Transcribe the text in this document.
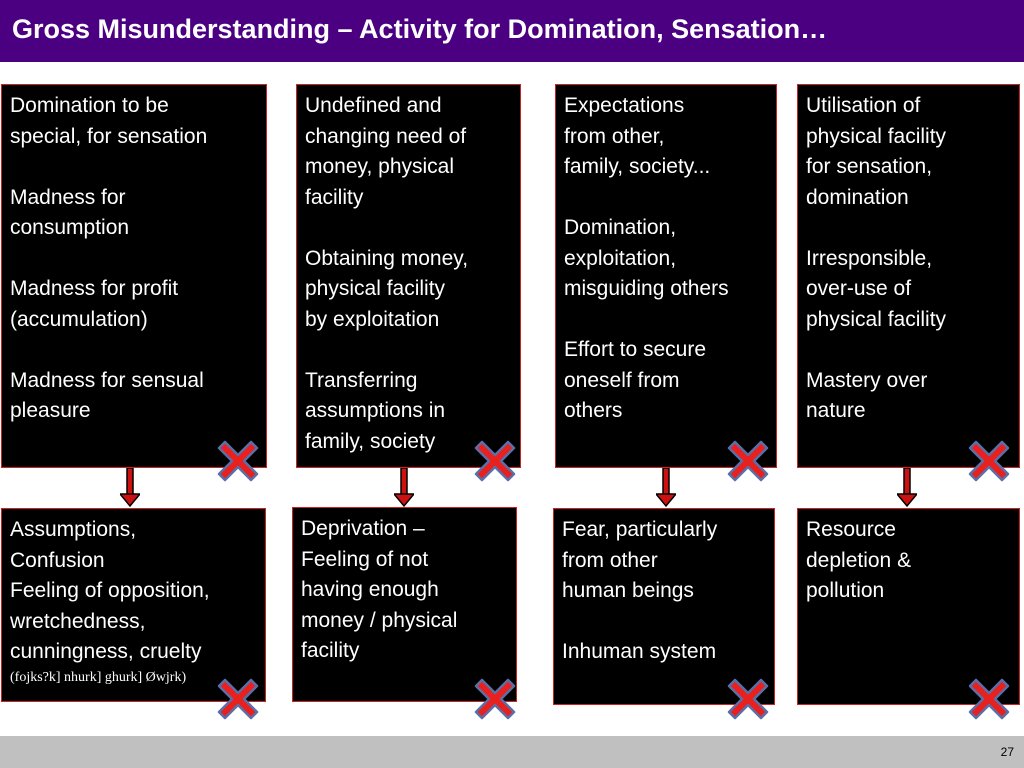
Gross Misunderstanding – Activity for Domination, Sensation…

Domination to be
special, for sensation

Madness for
consumption

Madness for profit
(accumulation)

Madness for sensual
pleasure

Undefined and
changing need of
money, physical
facility

Obtaining money,
physical facility
by exploitation

Transferring
assumptions in
family, society

Expectations
from other,
family, society...

Domination,
exploitation,
misguiding others

Effort to secure
oneself from
others

Utilisation of
physical facility
for sensation,
domination

Irresponsible,
over-use of
physical facility

Mastery over
nature

Assumptions,
Confusion

Feeling of opposition,
wretchedness,
cunningness, cruelty

(fojks?k] nhurk] ghurk] Øwjrk)

Deprivation –
Feeling of not
having enough
money / physical
facility

Fear, particularly
from other
human beings

Inhuman system

Resource
depletion &
pollution

27
